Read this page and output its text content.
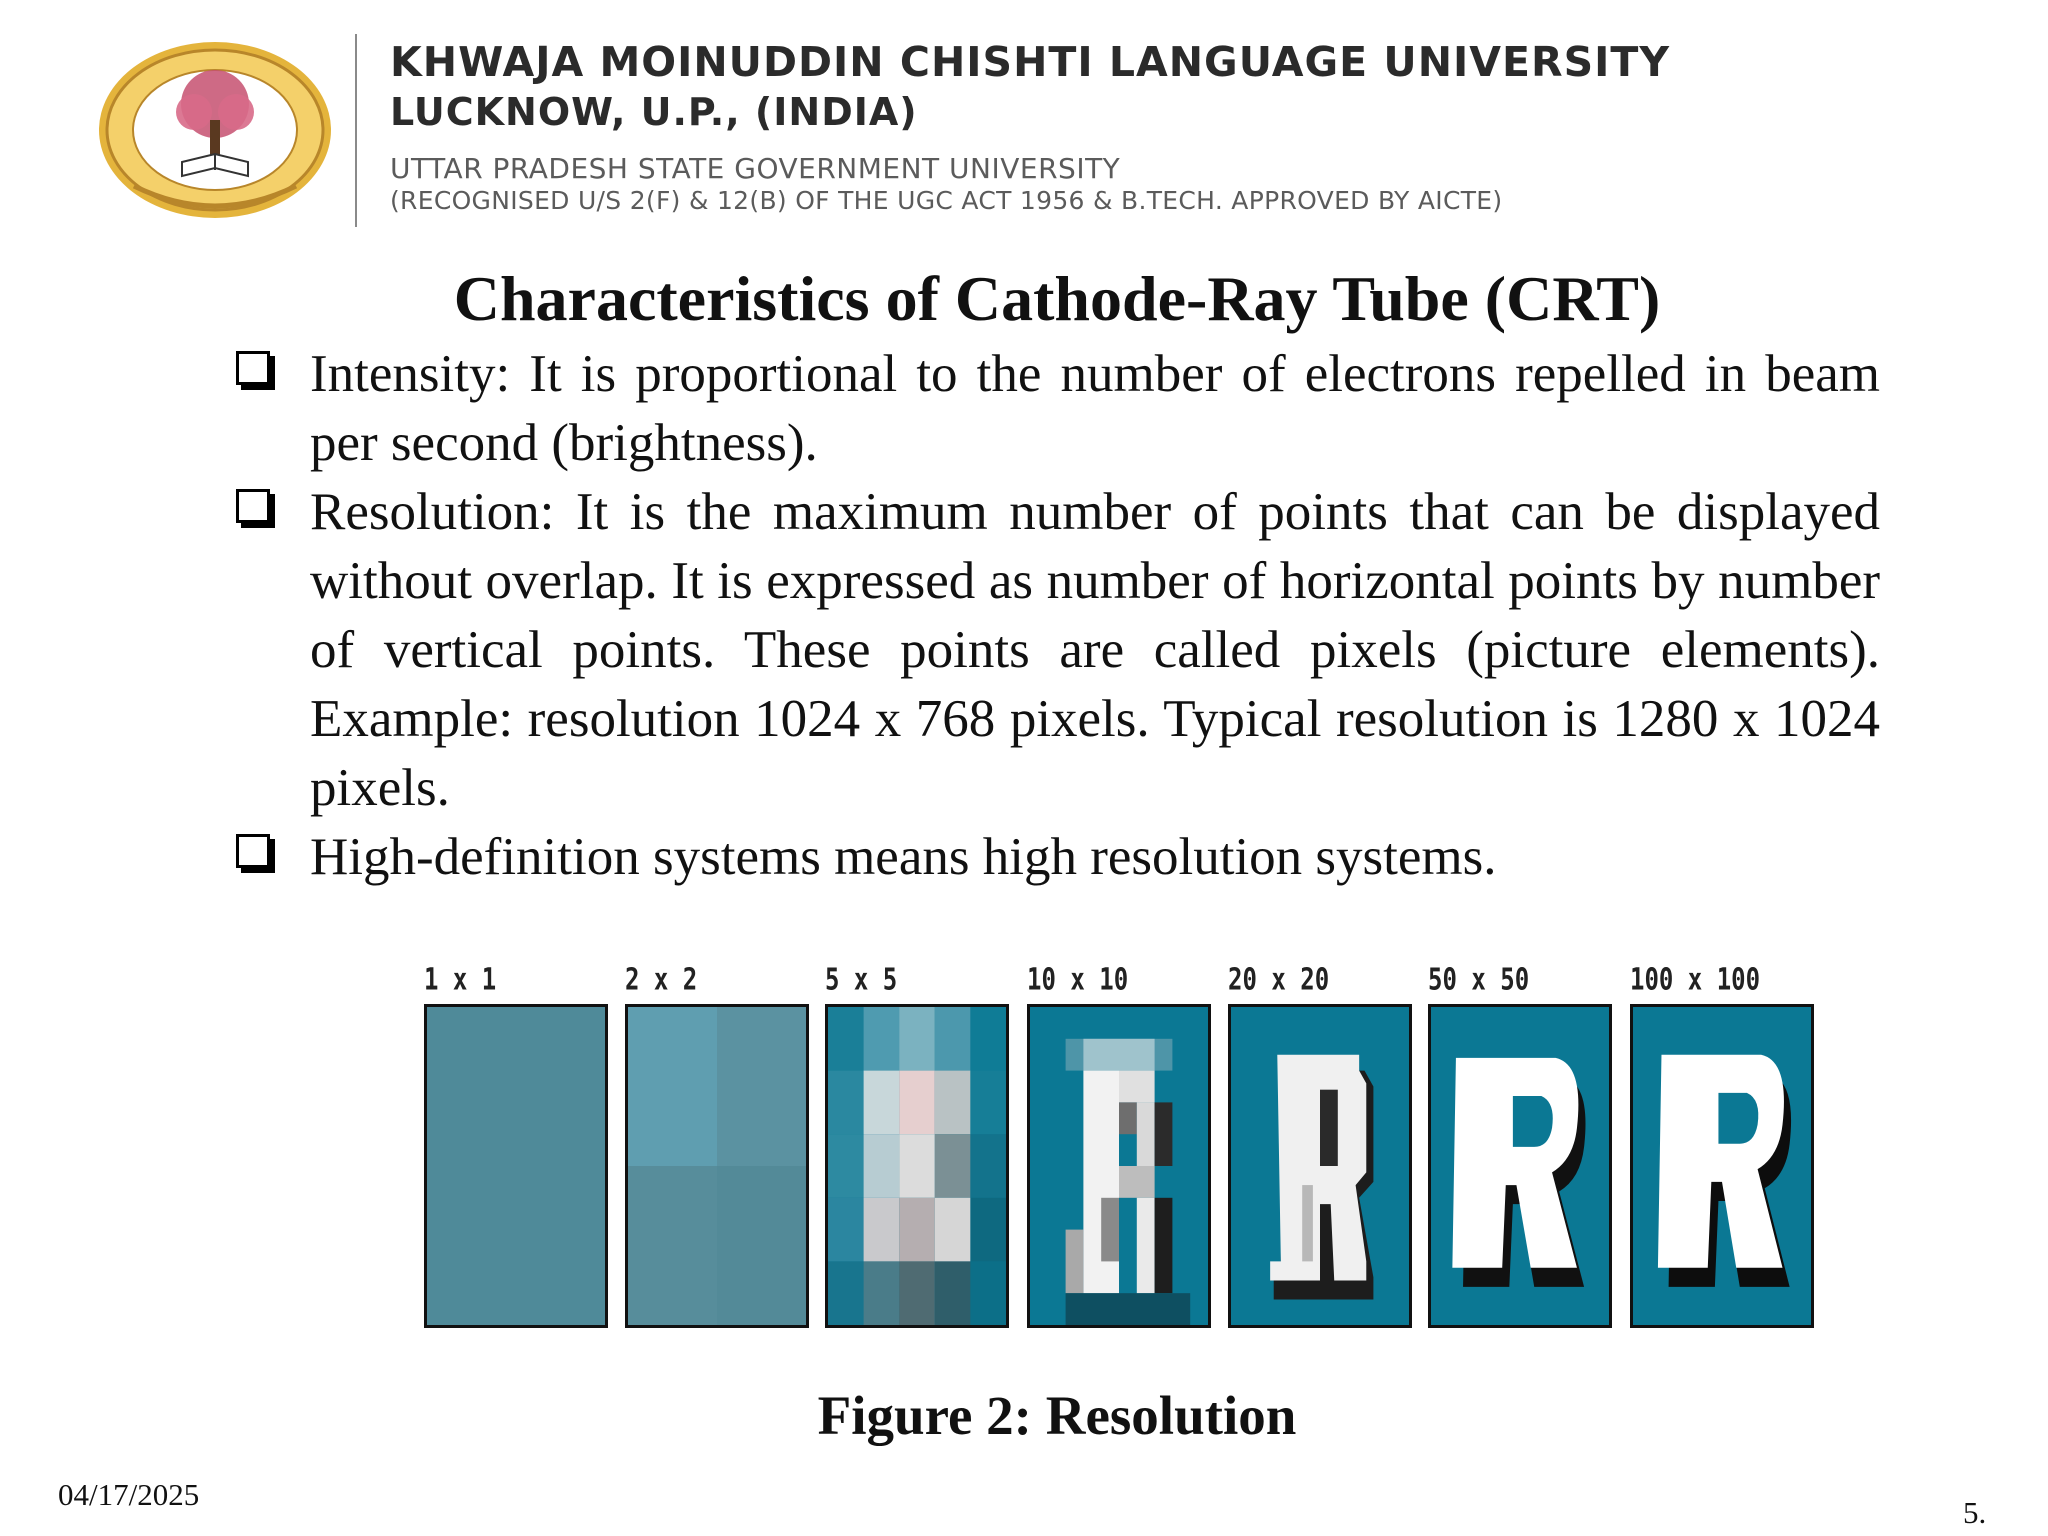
KHWAJA MOINUDDIN CHISHTI LANGUAGE UNIVERSITY
LUCKNOW, U.P., (INDIA)
UTTAR PRADESH STATE GOVERNMENT UNIVERSITY
(RECOGNISED U/S 2(F) & 12(B) OF THE UGC ACT 1956 & B.TECH. APPROVED BY AICTE)
Characteristics of Cathode-Ray Tube (CRT)
Intensity: It is proportional to the number of electrons repelled in beam per second (brightness).
Resolution: It is the maximum number of points that can be displayed without overlap. It is expressed as number of horizontal points by number of vertical points. These points are called pixels (picture elements). Example: resolution 1024 x 768 pixels. Typical resolution is 1280 x 1024 pixels.
High-definition systems means high resolution systems.
1 x 1	2 x 2	5 x 5	10 x 10	20 x 20	50 x 50	100 x 100
Figure 2: Resolution
04/17/2025
5.
